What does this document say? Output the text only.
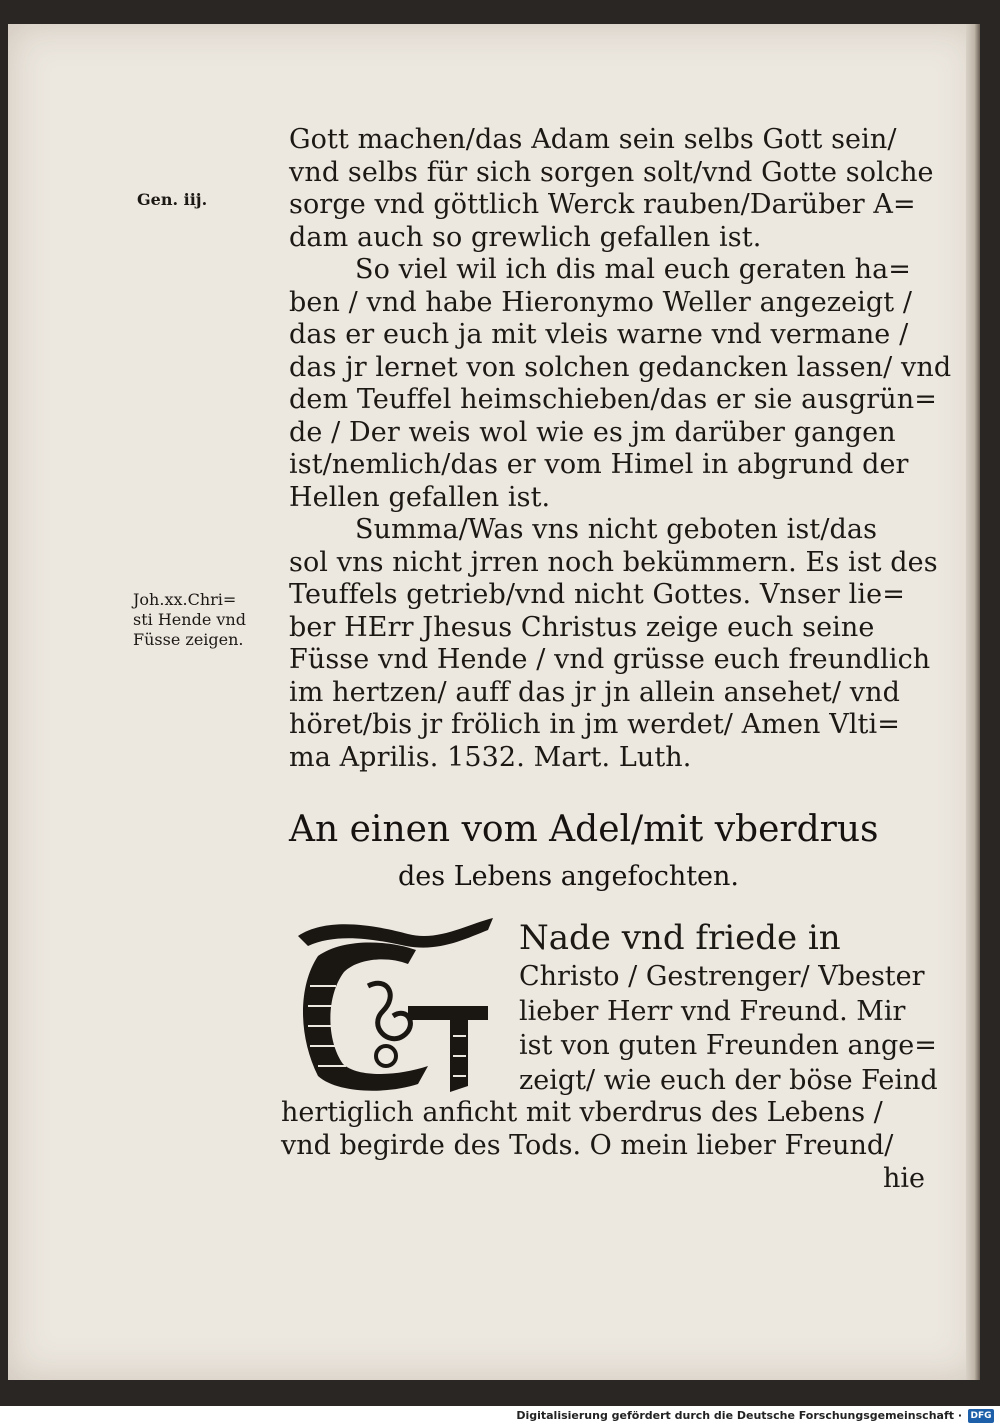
Gen. iij.
Joh.xx.Chri=
sti Hende vnd
Füsse zeigen.
Gott machen/das Adam sein selbs Gott sein/
vnd selbs für sich sorgen solt/vnd Gotte solche
sorge vnd göttlich Werck rauben/Darüber A=
dam auch so grewlich gefallen ist.
So viel wil ich dis mal euch geraten ha=
ben / vnd habe Hieronymo Weller angezeigt /
das er euch ja mit vleis warne vnd vermane /
das jr lernet von solchen gedancken lassen/ vnd
dem Teuffel heimschieben/das er sie ausgrün=
de / Der weis wol wie es jm darüber gangen
ist/nemlich/das er vom Himel in abgrund der
Hellen gefallen ist.
Summa/Was vns nicht geboten ist/das
sol vns nicht jrren noch bekümmern. Es ist des
Teuffels getrieb/vnd nicht Gottes. Vnser lie=
ber HErr Jhesus Christus zeige euch seine
Füsse vnd Hende / vnd grüsse euch freundlich
im hertzen/ auff das jr jn allein ansehet/ vnd
höret/bis jr frölich in jm werdet/ Amen Vlti=
ma Aprilis. 1532. Mart. Luth.
An einen vom Adel/mit vberdrus
des Lebens angefochten.
Nade vnd friede in
Christo / Gestrenger/ Vbester
lieber Herr vnd Freund. Mir
ist von guten Freunden ange=
zeigt/ wie euch der böse Feind
hertiglich anficht mit vberdrus des Lebens /
vnd begirde des Tods. O mein lieber Freund/
hie
Digitalisierung gefördert durch die Deutsche Forschungsgemeinschaft · DFG
